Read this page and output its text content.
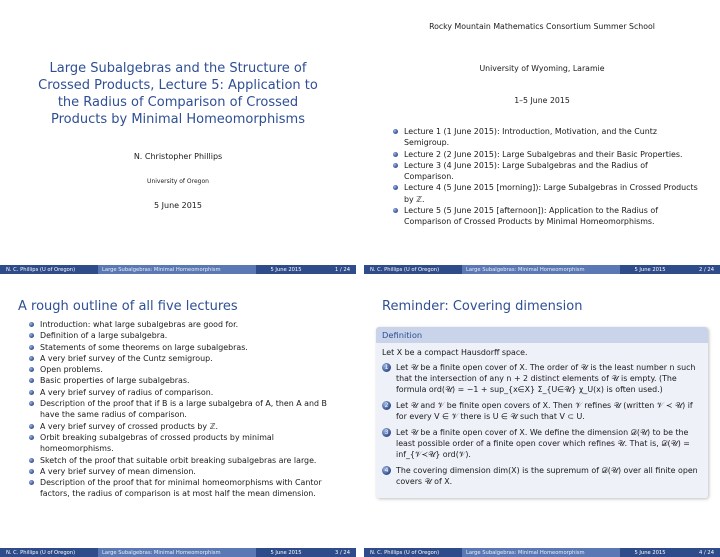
Large Subalgebras and the Structure of Crossed Products, Lecture 5: Application to the Radius of Comparison of Crossed Products by Minimal Homeomorphisms
N. Christopher Phillips
University of Oregon
5 June 2015
N. C. Phillips (U of Oregon)	Large Subalgebras: Minimal Homeomorphism	5 June 2015	1 / 24
Rocky Mountain Mathematics Consortium Summer School
University of Wyoming, Laramie
1–5 June 2015
Lecture 1 (1 June 2015): Introduction, Motivation, and the Cuntz Semigroup.
Lecture 2 (2 June 2015): Large Subalgebras and their Basic Properties.
Lecture 3 (4 June 2015): Large Subalgebras and the Radius of Comparison.
Lecture 4 (5 June 2015 [morning]): Large Subalgebras in Crossed Products by ℤ.
Lecture 5 (5 June 2015 [afternoon]): Application to the Radius of Comparison of Crossed Products by Minimal Homeomorphisms.
N. C. Phillips (U of Oregon)	Large Subalgebras: Minimal Homeomorphism	5 June 2015	2 / 24
A rough outline of all five lectures
Introduction: what large subalgebras are good for.
Definition of a large subalgebra.
Statements of some theorems on large subalgebras.
A very brief survey of the Cuntz semigroup.
Open problems.
Basic properties of large subalgebras.
A very brief survey of radius of comparison.
Description of the proof that if B is a large subalgebra of A, then A and B have the same radius of comparison.
A very brief survey of crossed products by ℤ.
Orbit breaking subalgebras of crossed products by minimal homeomorphisms.
Sketch of the proof that suitable orbit breaking subalgebras are large.
A very brief survey of mean dimension.
Description of the proof that for minimal homeomorphisms with Cantor factors, the radius of comparison is at most half the mean dimension.
N. C. Phillips (U of Oregon)	Large Subalgebras: Minimal Homeomorphism	5 June 2015	3 / 24
Reminder: Covering dimension
Definition
Let X be a compact Hausdorff space.
1 Let 𝒰 be a finite open cover of X. The order of 𝒰 is the least number n such that the intersection of any n + 2 distinct elements of 𝒰 is empty. (The formula ord(𝒰) = −1 + sup_{x∈X} Σ_{U∈𝒰} χ_U(x) is often used.)
2 Let 𝒰 and 𝒱 be finite open covers of X. Then 𝒱 refines 𝒰 (written 𝒱 ≺ 𝒰) if for every V ∈ 𝒱 there is U ∈ 𝒰 such that V ⊂ U.
3 Let 𝒰 be a finite open cover of X. We define the dimension 𝒟(𝒰) to be the least possible order of a finite open cover which refines 𝒰. That is, 𝒟(𝒰) = inf_{𝒱≺𝒰} ord(𝒱).
4 The covering dimension dim(X) is the supremum of 𝒟(𝒰) over all finite open covers 𝒰 of X.
N. C. Phillips (U of Oregon)	Large Subalgebras: Minimal Homeomorphism	5 June 2015	4 / 24
